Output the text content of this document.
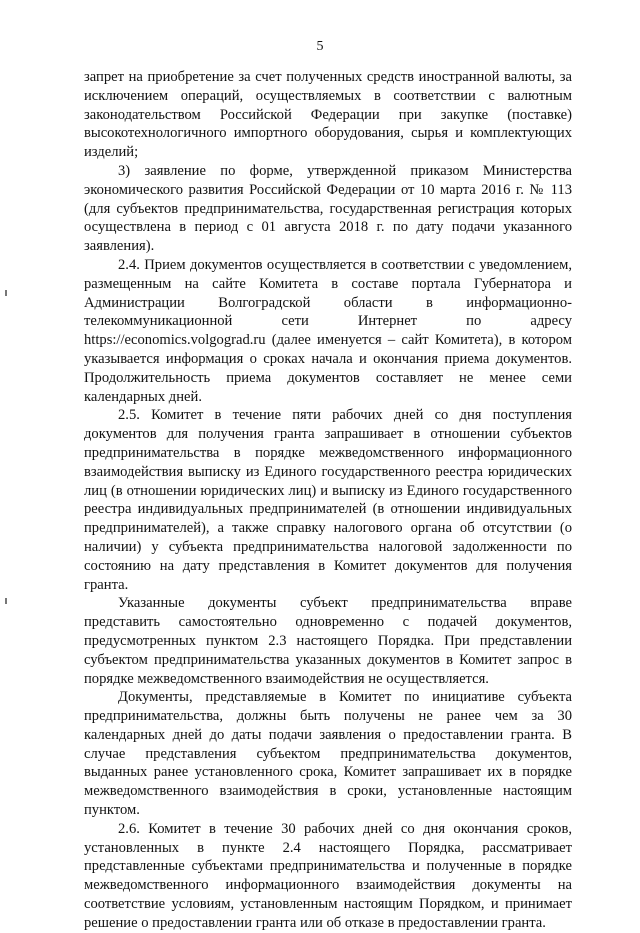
5

запрет на приобретение за счет полученных средств иностранной валюты, за исключением операций, осуществляемых в соответствии с валютным законодательством Российской Федерации при закупке (поставке) высокотехнологичного импортного оборудования, сырья и комплектующих изделий;

3) заявление по форме, утвержденной приказом Министерства экономического развития Российской Федерации от 10 марта 2016 г. № 113 (для субъектов предпринимательства, государственная регистрация которых осуществлена в период с 01 августа 2018 г. по дату подачи указанного заявления).

2.4. Прием документов осуществляется в соответствии с уведомлением, размещенным на сайте Комитета в составе портала Губернатора и Администрации Волгоградской области в информационно-телекоммуникационной сети Интернет по адресу https://economics.volgograd.ru (далее именуется – сайт Комитета), в котором указывается информация о сроках начала и окончания приема документов. Продолжительность приема документов составляет не менее семи календарных дней.

2.5. Комитет в течение пяти рабочих дней со дня поступления документов для получения гранта запрашивает в отношении субъектов предпринимательства в порядке межведомственного информационного взаимодействия выписку из Единого государственного реестра юридических лиц (в отношении юридических лиц) и выписку из Единого государственного реестра индивидуальных предпринимателей (в отношении индивидуальных предпринимателей), а также справку налогового органа об отсутствии (о наличии) у субъекта предпринимательства налоговой задолженности по состоянию на дату представления в Комитет документов для получения гранта.

Указанные документы субъект предпринимательства вправе представить самостоятельно одновременно с подачей документов, предусмотренных пунктом 2.3 настоящего Порядка. При представлении субъектом предпринимательства указанных документов в Комитет запрос в порядке межведомственного взаимодействия не осуществляется.

Документы, представляемые в Комитет по инициативе субъекта предпринимательства, должны быть получены не ранее чем за 30 календарных дней до даты подачи заявления о предоставлении гранта. В случае представления субъектом предпринимательства документов, выданных ранее установленного срока, Комитет запрашивает их в порядке межведомственного взаимодействия в сроки, установленные настоящим пунктом.

2.6. Комитет в течение 30 рабочих дней со дня окончания сроков, установленных в пункте 2.4 настоящего Порядка, рассматривает представленные субъектами предпринимательства и полученные в порядке межведомственного информационного взаимодействия документы на соответствие условиям, установленным настоящим Порядком, и принимает решение о предоставлении гранта или об отказе в предоставлении гранта.
